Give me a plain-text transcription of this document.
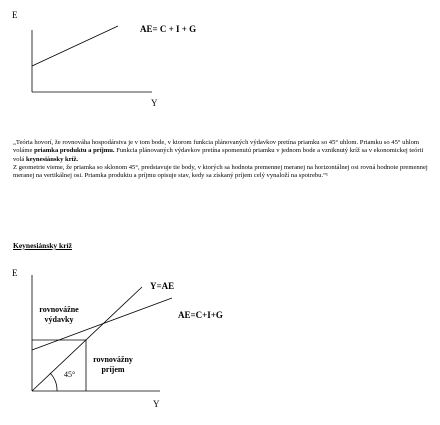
E
Y
AE= C + I + G

„Teória hovorí, že rovnováha hospodárstva je v tom bode, v ktorom funkcia plánovaných výdavkov pretína priamku so 45° uhlom. Priamku so 45° uhlom voláme priamka produktu a príjmu. Funkcia plánovaných výdavkov pretína spomenutú priamku v jednom bode a vzniknutý kríž sa v ekonomickej teórii volá keynesiánsky kríž.
Z geometrie vieme, že priamka so sklonom 45°, predstavuje tie body, v ktorých sa hodnota premennej meranej na horizontálnej osi rovná hodnote premennej meranej na vertikálnej osi. Priamka produktu a príjmu opisuje stav, kedy sa získaný príjem celý vynaloží na spotrebu.“¹

Keynesiánsky kríž
E
Y
Y=AE
AE=C+I+G
rovnovážne
výdavky
rovnovážny
príjem
45°
